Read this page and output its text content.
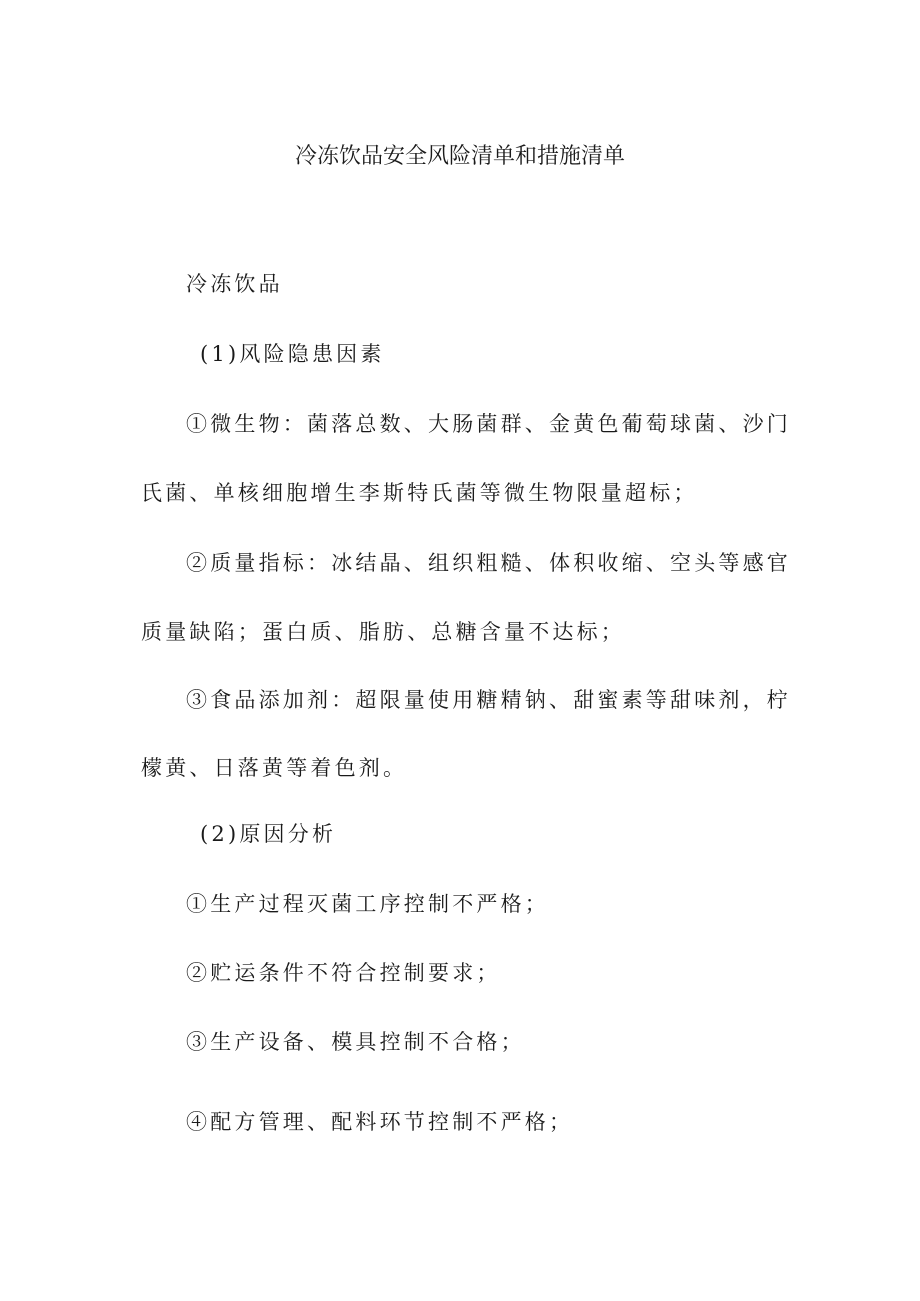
冷冻饮品安全风险清单和措施清单
冷冻饮品
(1)风险隐患因素
①微生物：菌落总数、大肠菌群、金黄色葡萄球菌、沙门
氏菌、单核细胞增生李斯特氏菌等微生物限量超标；
②质量指标：冰结晶、组织粗糙、体积收缩、空头等感官
质量缺陷；蛋白质、脂肪、总糖含量不达标；
③食品添加剂：超限量使用糖精钠、甜蜜素等甜味剂，柠
檬黄、日落黄等着色剂。
(2)原因分析
①生产过程灭菌工序控制不严格；
②贮运条件不符合控制要求；
③生产设备、模具控制不合格；
④配方管理、配料环节控制不严格；
